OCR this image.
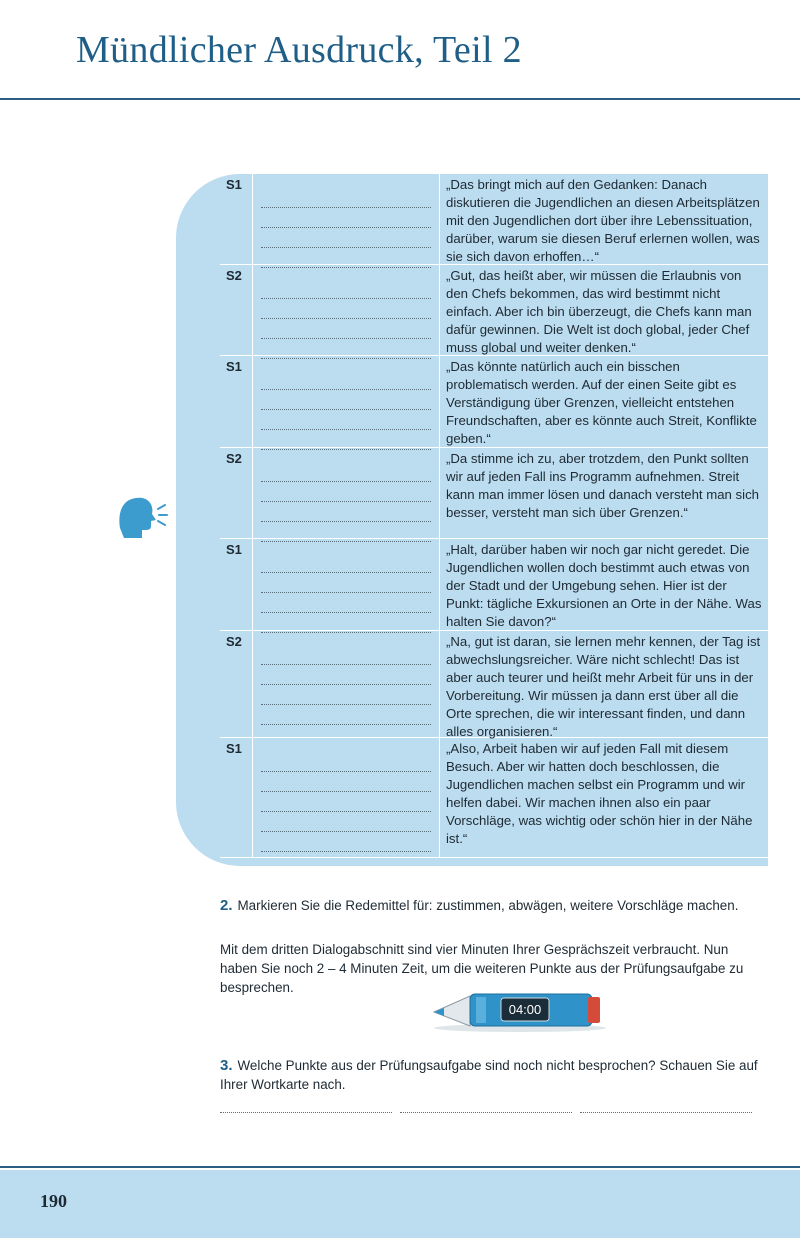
Mündlicher Ausdruck, Teil 2
S1	„Das bringt mich auf den Gedanken: Danach diskutieren die Jugendlichen an diesen Arbeitsplätzen mit den Jugendlichen dort über ihre Lebenssituation, darüber, warum sie diesen Beruf erlernen wollen, was sie sich davon erhoffen…“
S2	„Gut, das heißt aber, wir müssen die Erlaubnis von den Chefs bekommen, das wird bestimmt nicht einfach. Aber ich bin überzeugt, die Chefs kann man dafür gewinnen. Die Welt ist doch global, jeder Chef muss global und weiter denken.“
S1	„Das könnte natürlich auch ein bisschen problematisch werden. Auf der einen Seite gibt es Verständigung über Grenzen, vielleicht entstehen Freundschaften, aber es könnte auch Streit, Konflikte geben.“
S2	„Da stimme ich zu, aber trotzdem, den Punkt sollten wir auf jeden Fall ins Programm aufnehmen. Streit kann man immer lösen und danach versteht man sich besser, versteht man sich über Grenzen.“
S1	„Halt, darüber haben wir noch gar nicht geredet. Die Jugendlichen wollen doch bestimmt auch etwas von der Stadt und der Umgebung sehen. Hier ist der Punkt: tägliche Exkursionen an Orte in der Nähe. Was halten Sie davon?“
S2	„Na, gut ist daran, sie lernen mehr kennen, der Tag ist abwechslungsreicher. Wäre nicht schlecht! Das ist aber auch teurer und heißt mehr Arbeit für uns in der Vorbereitung. Wir müssen ja dann erst über all die Orte sprechen, die wir interessant finden, und dann alles organisieren.“
S1	„Also, Arbeit haben wir auf jeden Fall mit diesem Besuch. Aber wir hatten doch beschlossen, die Jugendlichen machen selbst ein Programm und wir helfen dabei. Wir machen ihnen also ein paar Vorschläge, was wichtig oder schön hier in der Nähe ist.“
2. Markieren Sie die Redemittel für: zustimmen, abwägen, weitere Vorschläge machen.
Mit dem dritten Dialogabschnitt sind vier Minuten Ihrer Gesprächszeit verbraucht. Nun haben Sie noch 2 – 4 Minuten Zeit, um die weiteren Punkte aus der Prüfungsaufgabe zu besprechen.
04:00
3. Welche Punkte aus der Prüfungsaufgabe sind noch nicht besprochen? Schauen Sie auf Ihrer Wortkarte nach.
190
